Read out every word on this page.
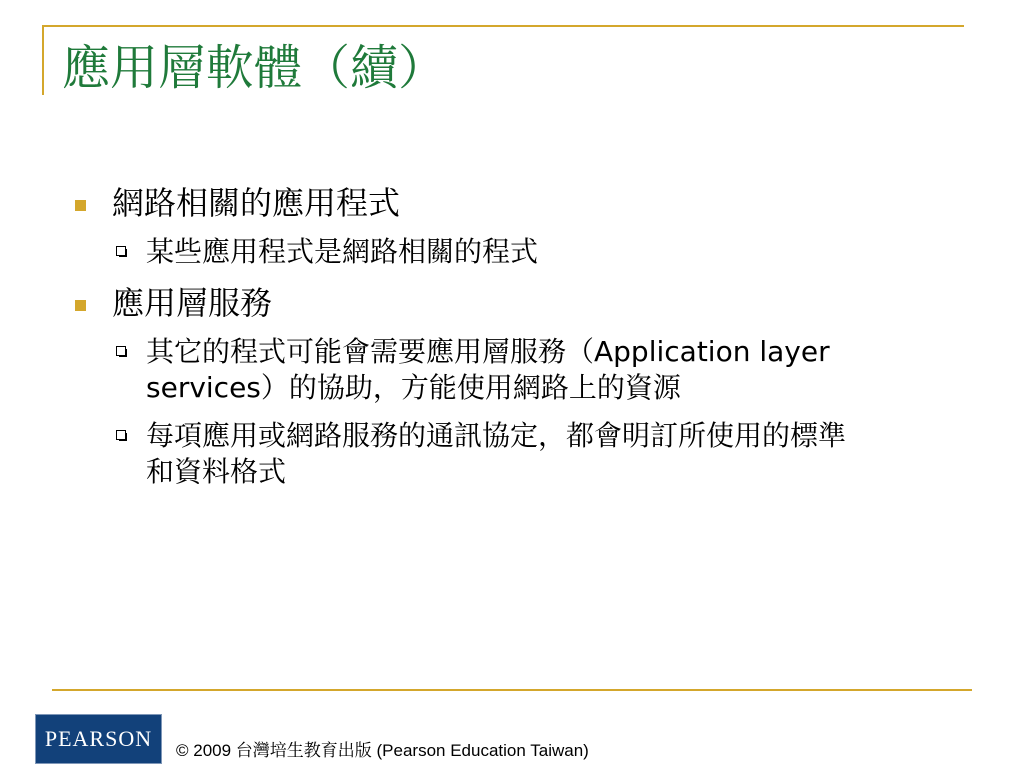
應用層軟體（續）
網路相關的應用程式
某些應用程式是網路相關的程式
應用層服務
其它的程式可能會需要應用層服務（Application layer services）的協助，方能使用網路上的資源
每項應用或網路服務的通訊協定，都會明訂所使用的標準和資料格式
PEARSON © 2009 台灣培生教育出版 (Pearson Education Taiwan)
